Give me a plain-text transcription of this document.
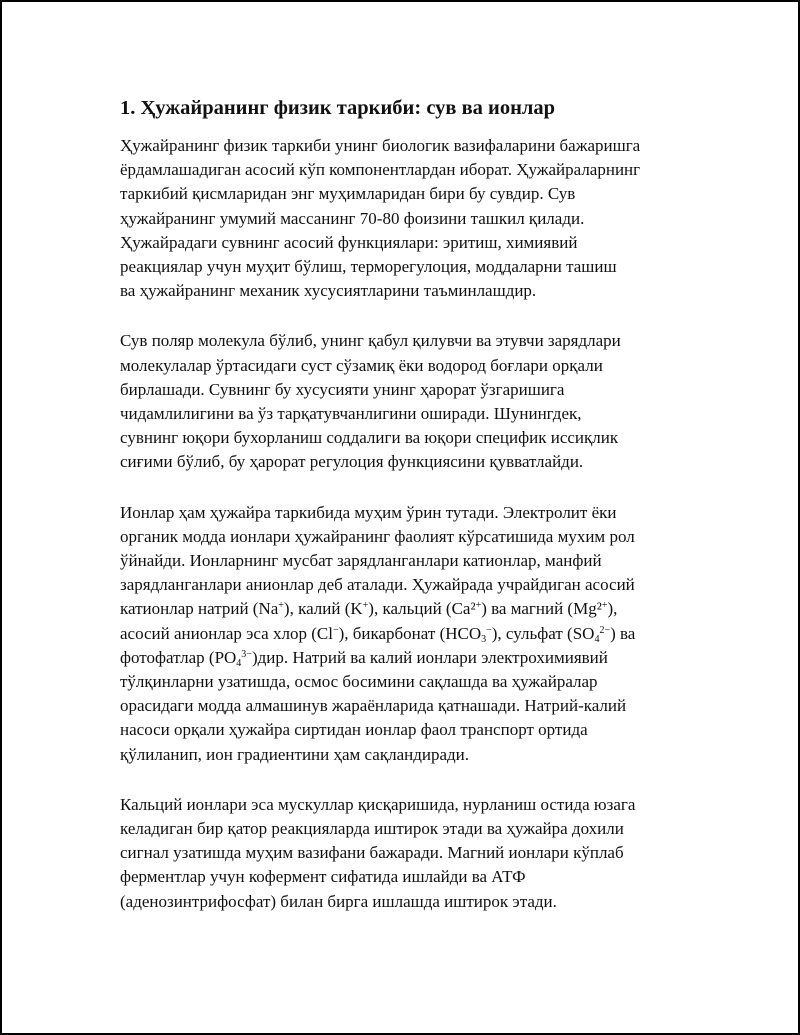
1. Ҳужайранинг физик таркиби: сув ва ионлар

Ҳужайранинг физик таркиби унинг биологик вазифаларини бажаришга
ёрдамлашадиган асосий кўп компонентлардан иборат. Ҳужайраларнинг
таркибий қисмларидан энг муҳимларидан бири бу сувдир. Сув
ҳужайранинг умумий массанинг 70-80 фоизини ташкил қилади.
Ҳужайрадаги сувнинг асосий функциялари: эритиш, химиявий
реакциялар учун муҳит бўлиш, терморегулоция, моддаларни ташиш
ва ҳужайранинг механик хусусиятларини таъминлашдир.

Сув поляр молекула бўлиб, унинг қабул қилувчи ва этувчи зарядлари
молекулалар ўртасидаги суст сўзамиқ ёки водород боғлари орқали
бирлашади. Сувнинг бу хусусияти унинг ҳарорат ўзгаришига
чидамлилигини ва ўз тарқатувчанлигини оширади. Шунингдек,
сувнинг юқори бухорланиш соддалиги ва юқори специфик иссиқлик
сиғими бўлиб, бу ҳарорат регулоция функциясини қувватлайди.

Ионлар ҳам ҳужайра таркибида муҳим ўрин тутади. Электролит ёки
органик модда ионлари ҳужайранинг фаолият кўрсатишида мухим рол
ўйнайди. Ионларнинг мусбат зарядланганлари катионлар, манфий
зарядланганлари анионлар деб аталади. Ҳужайрада учрайдиган асосий
катионлар натрий (Na+), калий (K+), кальций (Ca²+) ва магний (Mg²+),
асосий анионлар эса хлор (Cl−), бикарбонат $(HCO_3^-)$, сульфат $(SO_4^{2-})$ ва
фотофатлар $(PO_4^{3-})дир$. Натрий ва калий ионлари электрохимиявий
тўлқинларни узатишда, осмос босимини сақлашда ва ҳужайралар
орасидаги модда алмашинув жараёнларида қатнашади. Натрий-калий
насоси орқали ҳужайра сиртидан ионлар фаол транспорт ортида
қўлиланип, ион градиентини ҳам сақландиради.

Кальций ионлари эса мускуллар қисқаришида, нурланиш остида юзага
келадиган бир қатор реакцияларда иштирок этади ва ҳужайра дохили
сигнал узатишда муҳим вазифани бажаради. Магний ионлари кўплаб
ферментлар учун кофермент сифатида ишлайди ва АТФ
(аденозинтрифосфат) билан бирга ишлашда иштирок этади.
